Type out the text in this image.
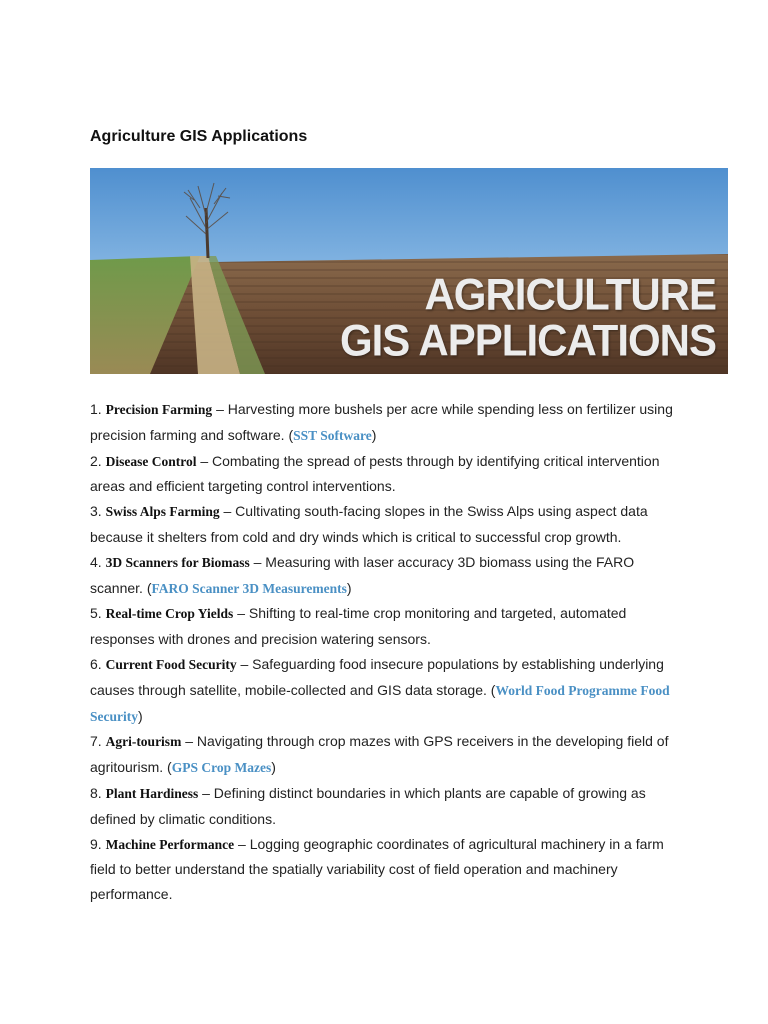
Agriculture GIS Applications
AGRICULTURE
GIS APPLICATIONS

1. Precision Farming – Harvesting more bushels per acre while spending less on fertilizer using precision farming and software. (SST Software)

2. Disease Control – Combating the spread of pests through by identifying critical intervention areas and efficient targeting control interventions.

3. Swiss Alps Farming – Cultivating south-facing slopes in the Swiss Alps using aspect data because it shelters from cold and dry winds which is critical to successful crop growth.

4. 3D Scanners for Biomass – Measuring with laser accuracy 3D biomass using the FARO scanner. (FARO Scanner 3D Measurements)

5. Real-time Crop Yields – Shifting to real-time crop monitoring and targeted, automated responses with drones and precision watering sensors.

6. Current Food Security – Safeguarding food insecure populations by establishing underlying causes through satellite, mobile-collected and GIS data storage. (World Food Programme Food Security)

7. Agri-tourism – Navigating through crop mazes with GPS receivers in the developing field of agritourism. (GPS Crop Mazes)

8. Plant Hardiness – Defining distinct boundaries in which plants are capable of growing as defined by climatic conditions.

9. Machine Performance – Logging geographic coordinates of agricultural machinery in a farm field to better understand the spatially variability cost of field operation and machinery performance.
